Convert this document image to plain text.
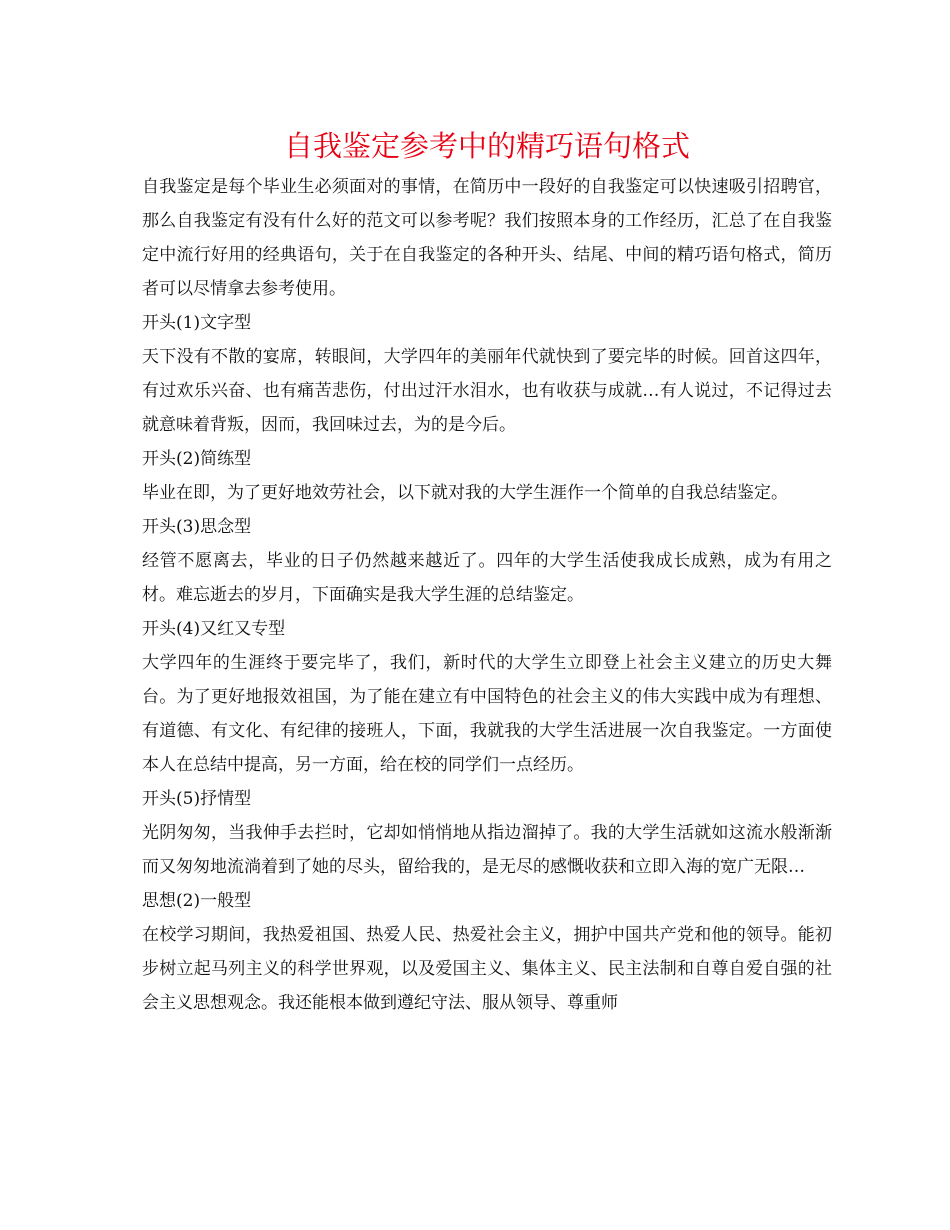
自我鉴定参考中的精巧语句格式

自我鉴定是每个毕业生必须面对的事情，在简历中一段好的自我鉴定可以快速吸引招聘官，那么自我鉴定有没有什么好的范文可以参考呢？我们按照本身的工作经历，汇总了在自我鉴定中流行好用的经典语句，关于在自我鉴定的各种开头、结尾、中间的精巧语句格式，简历者可以尽情拿去参考使用。

开头(1)文字型

天下没有不散的宴席，转眼间，大学四年的美丽年代就快到了要完毕的时候。回首这四年，有过欢乐兴奋、也有痛苦悲伤，付出过汗水泪水，也有收获与成就…有人说过，不记得过去就意味着背叛，因而，我回味过去，为的是今后。

开头(2)简练型

毕业在即，为了更好地效劳社会，以下就对我的大学生涯作一个简单的自我总结鉴定。

开头(3)思念型

经管不愿离去，毕业的日子仍然越来越近了。四年的大学生活使我成长成熟，成为有用之材。难忘逝去的岁月，下面确实是我大学生涯的总结鉴定。

开头(4)又红又专型

大学四年的生涯终于要完毕了，我们，新时代的大学生立即登上社会主义建立的历史大舞台。为了更好地报效祖国，为了能在建立有中国特色的社会主义的伟大实践中成为有理想、有道德、有文化、有纪律的接班人，下面，我就我的大学生活进展一次自我鉴定。一方面使本人在总结中提高，另一方面，给在校的同学们一点经历。

开头(5)抒情型

光阴匆匆，当我伸手去拦时，它却如悄悄地从指边溜掉了。我的大学生活就如这流水般渐渐而又匆匆地流淌着到了她的尽头，留给我的，是无尽的感慨收获和立即入海的宽广无限…

思想(2)一般型

在校学习期间，我热爱祖国、热爱人民、热爱社会主义，拥护中国共产党和他的领导。能初步树立起马列主义的科学世界观，以及爱国主义、集体主义、民主法制和自尊自爱自强的社会主义思想观念。我还能根本做到遵纪守法、服从领导、尊重师
